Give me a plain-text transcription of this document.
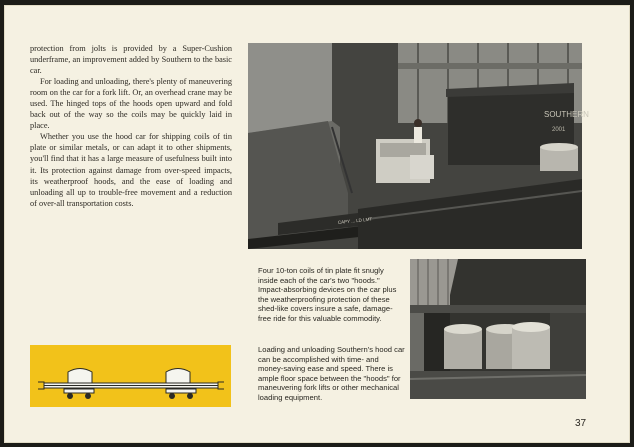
protection from jolts is provided by a Super-Cushion underframe, an improvement added by Southern to the basic car.

For loading and unloading, there's plenty of maneuvering room on the car for a fork lift. Or, an overhead crane may be used. The hinged tops of the hoods open upward and fold back out of the way so the coils may be quickly laid in place.

Whether you use the hood car for shipping coils of tin plate or similar metals, or can adapt it to other shipments, you'll find that it has a large measure of usefulness built into it. Its protection against damage from over-speed impacts, its weatherproof hoods, and the ease of loading and unloading all up to trouble-free movement and a reduction of over-all transportation costs.

SOUTHERN
2001
CAPY ... LD LMT
Four 10-ton coils of tin plate fit snugly inside each of the car's two "hoods." Impact-absorbing devices on the car plus the weatherproofing protection of these shed-like covers insure a safe, damage-free ride for this valuable commodity.
Loading and unloading Southern's hood car can be accomplished with time- and money-saving ease and speed. There is ample floor space between the "hoods" for maneuvering fork lifts or other mechanical loading equipment.
37
